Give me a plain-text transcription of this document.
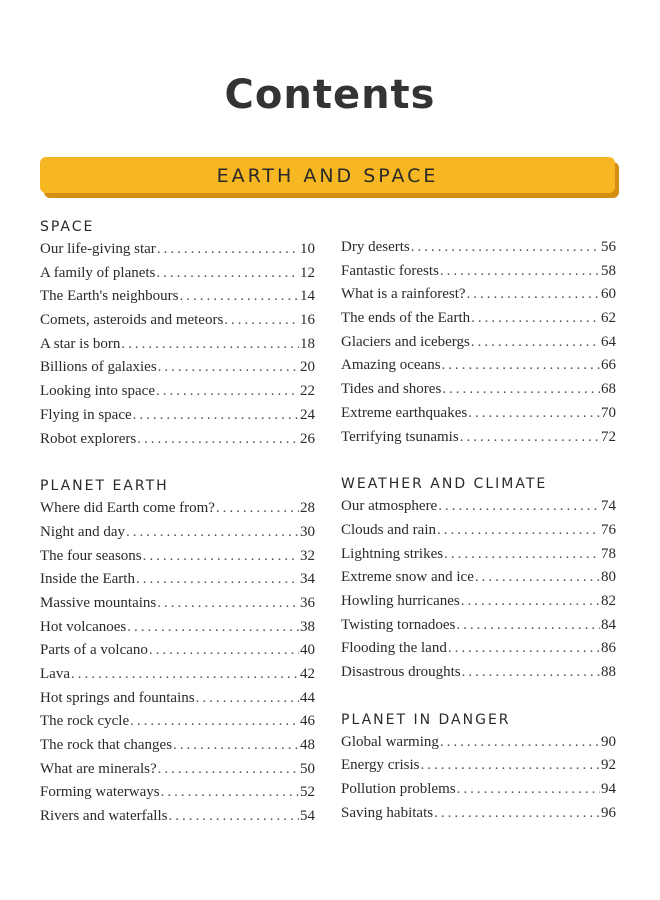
Contents
EARTH AND SPACE
SPACE
Our life-giving star .....	10
A family of planets .....	12
The Earth's neighbours .....	14
Comets, asteroids and meteors .....	16
A star is born .....	18
Billions of galaxies .....	20
Looking into space .....	22
Flying in space .....	24
Robot explorers .....	26
PLANET EARTH
Where did Earth come from? .....	28
Night and day .....	30
The four seasons .....	32
Inside the Earth .....	34
Massive mountains .....	36
Hot volcanoes .....	38
Parts of a volcano .....	40
Lava .....	42
Hot springs and fountains .....	44
The rock cycle .....	46
The rock that changes .....	48
What are minerals? .....	50
Forming waterways .....	52
Rivers and waterfalls .....	54
Dry deserts .....	56
Fantastic forests .....	58
What is a rainforest? .....	60
The ends of the Earth .....	62
Glaciers and icebergs .....	64
Amazing oceans .....	66
Tides and shores .....	68
Extreme earthquakes .....	70
Terrifying tsunamis .....	72
WEATHER AND CLIMATE
Our atmosphere .....	74
Clouds and rain .....	76
Lightning strikes .....	78
Extreme snow and ice .....	80
Howling hurricanes .....	82
Twisting tornadoes .....	84
Flooding the land .....	86
Disastrous droughts .....	88
PLANET IN DANGER
Global warming .....	90
Energy crisis .....	92
Pollution problems .....	94
Saving habitats .....	96
